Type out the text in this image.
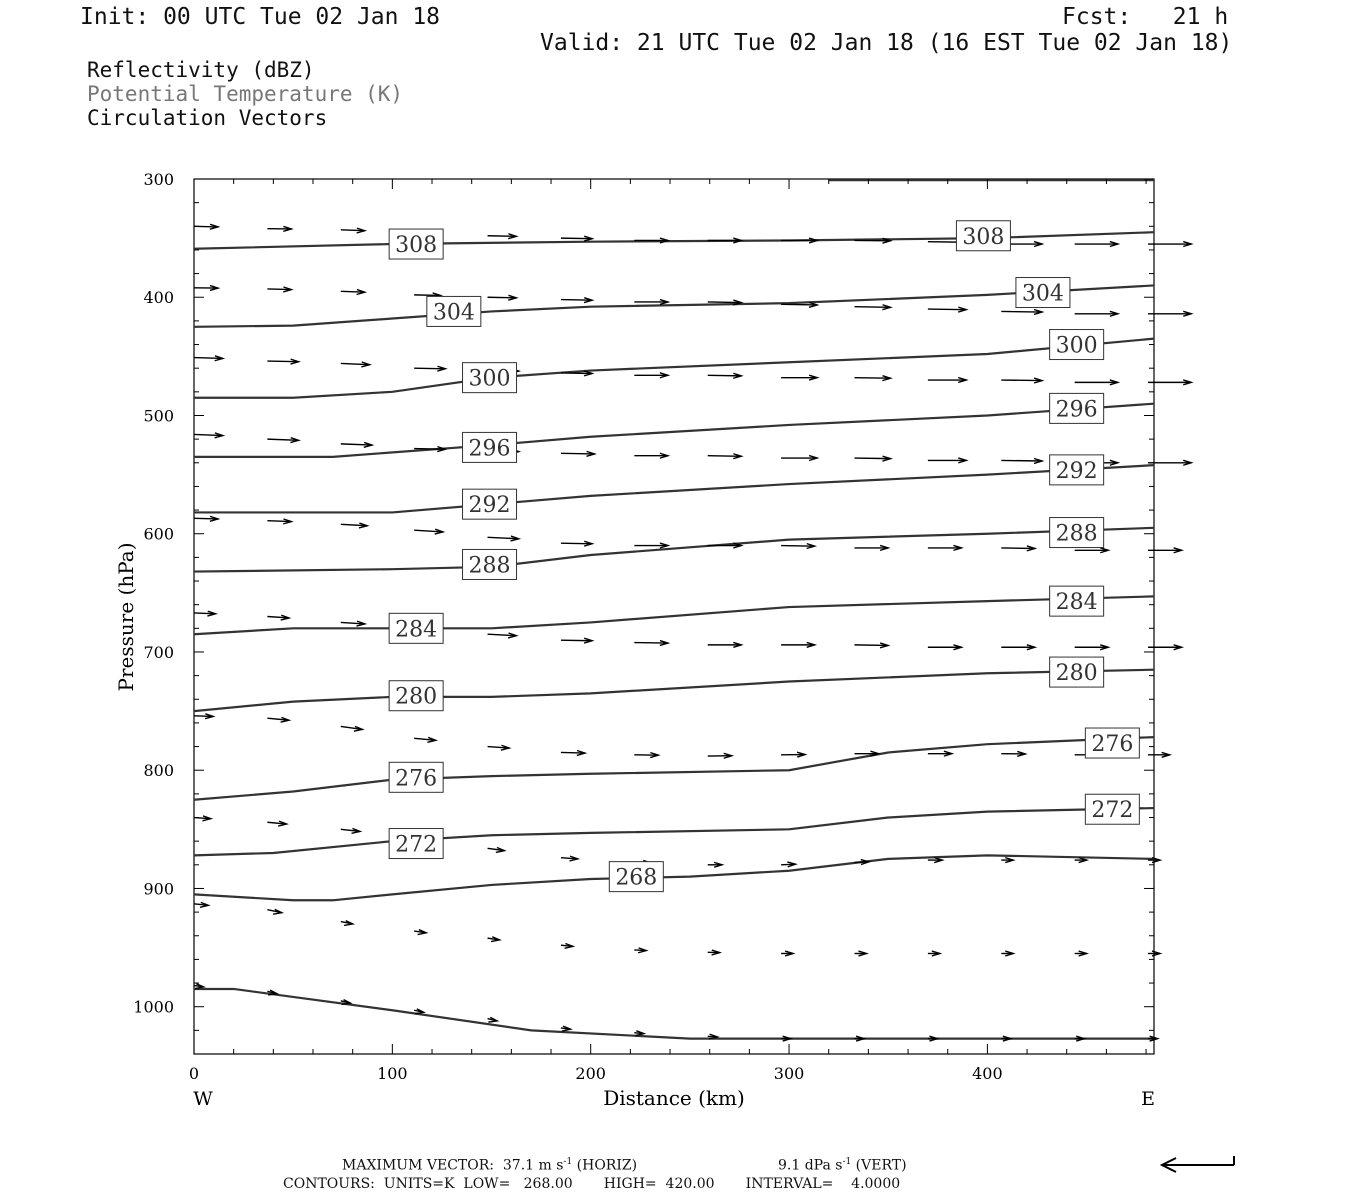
Init: 00 UTC Tue 02 Jan 18	Fcst:   21 h
Valid: 21 UTC Tue 02 Jan 18 (16 EST Tue 02 Jan 18)
Reflectivity (dBZ)
Potential Temperature (K)
Circulation Vectors
308	308
304
304
300
300
296
296
292
292
288
288
284
284
280
280
276
276
272
272
268
300
400
500
600
700
800
900
1000
0	100	200	300	400
Distance (km)
Pressure (hPa)
W	E
MAXIMUM VECTOR:  37.1 m $s^{-1}$ (HORIZ)	9.1 dPa $s^{-1}$ (VERT)
CONTOURS:  UNITS=K  LOW=   268.00       HIGH=  420.00       INTERVAL=    4.0000
